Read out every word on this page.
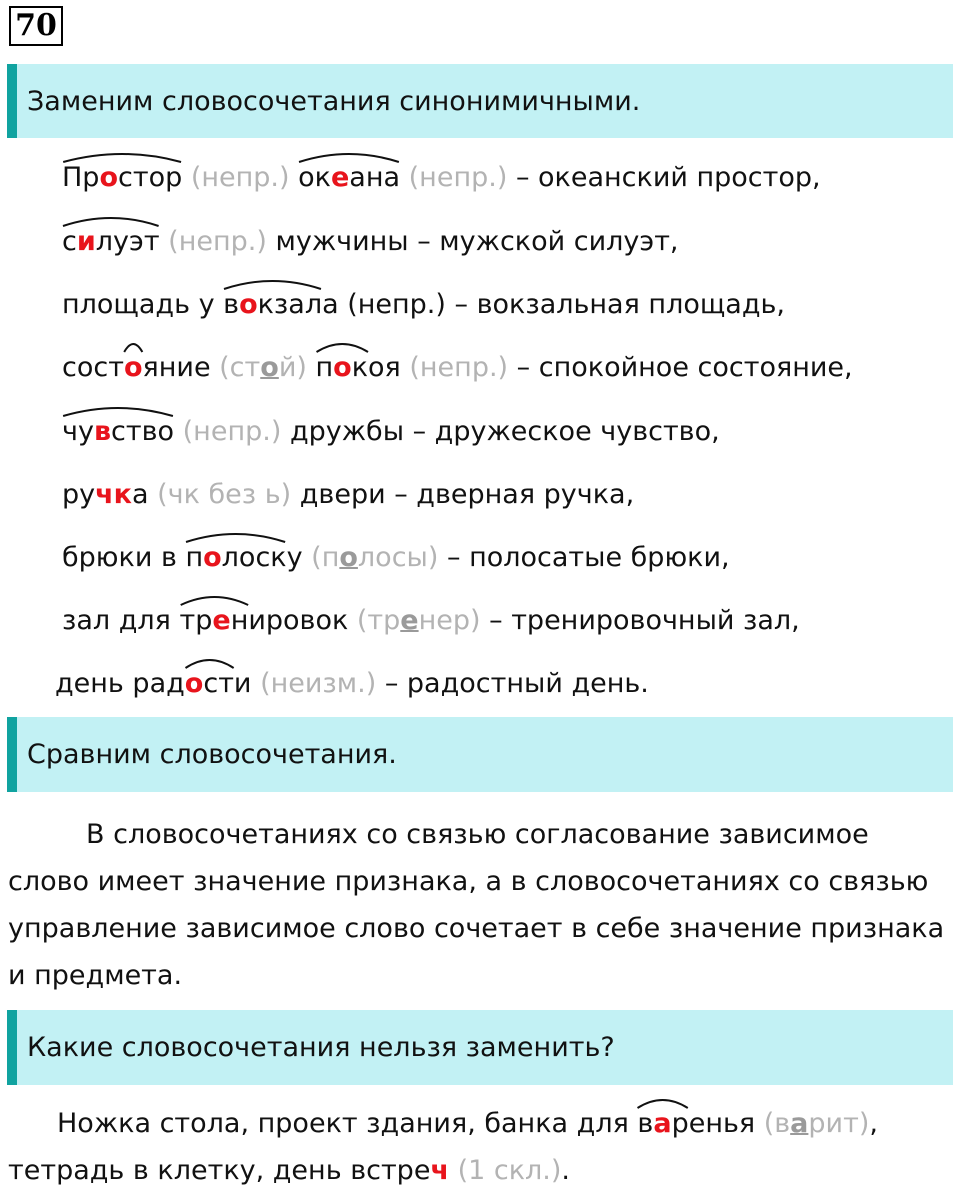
70
Заменим словосочетания синонимичными.
Простор (непр.) океана (непр.) – океанский простор,
силуэт (непр.) мужчины – мужской силуэт,
площадь у вокзал
а (непр.) – вокзальная площадь,
состо
яние (стой) пок
оя (непр.) – спокойное состояние,
чувство (непр.) дружбы – дружеское чувство,
ручка (чк без ь) двери – дверная ручка,
брюки в полоск
у (полосы) – полосатые брюки,
зал для трен
ировок (тренер) – тренировочный зал,
день радост
и (неизм.) – радостный день.
Сравним словосочетания.
В словосочетаниях со связью согласование зависимое слово имеет значение признака, а в словосочетаниях со связью управление зависимое слово сочетает в себе значение признака и предмета.
Какие словосочетания нельзя заменить?
Ножка стола, проект здания, банка для вар
енья (варит),
тетрадь в клетку, день встреч (1 скл.).
